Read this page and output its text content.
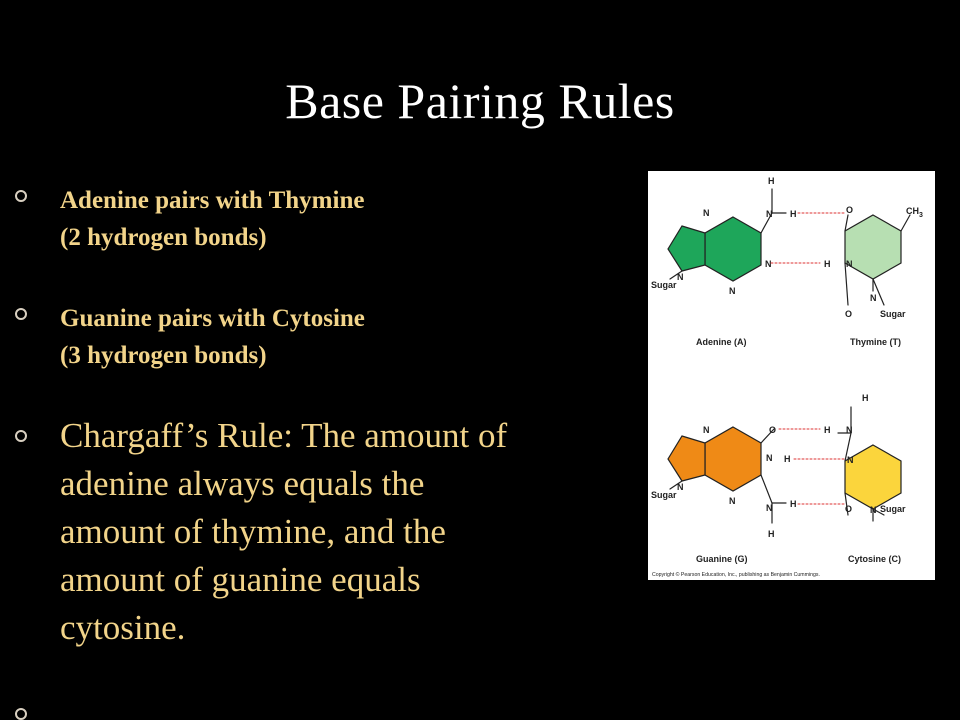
Base Pairing Rules
Adenine pairs with Thymine
(2 hydrogen bonds)
Guanine pairs with Cytosine
(3 hydrogen bonds)
Chargaff’s Rule: The amount of
adenine always equals the
amount of thymine, and the
amount of guanine equals
cytosine.
N
H
H
N
N
N
N
Sugar
O	$CH_3$
H N
N
O	Sugar
Adenine (A)	Thymine (T)
O
N H
N
N
N
N
H
H
Sugar
H N
H
N
N
O	Sugar
Guanine (G)	Cytosine (C)
Copyright © Pearson Education, Inc., publishing as Benjamin Cummings.
